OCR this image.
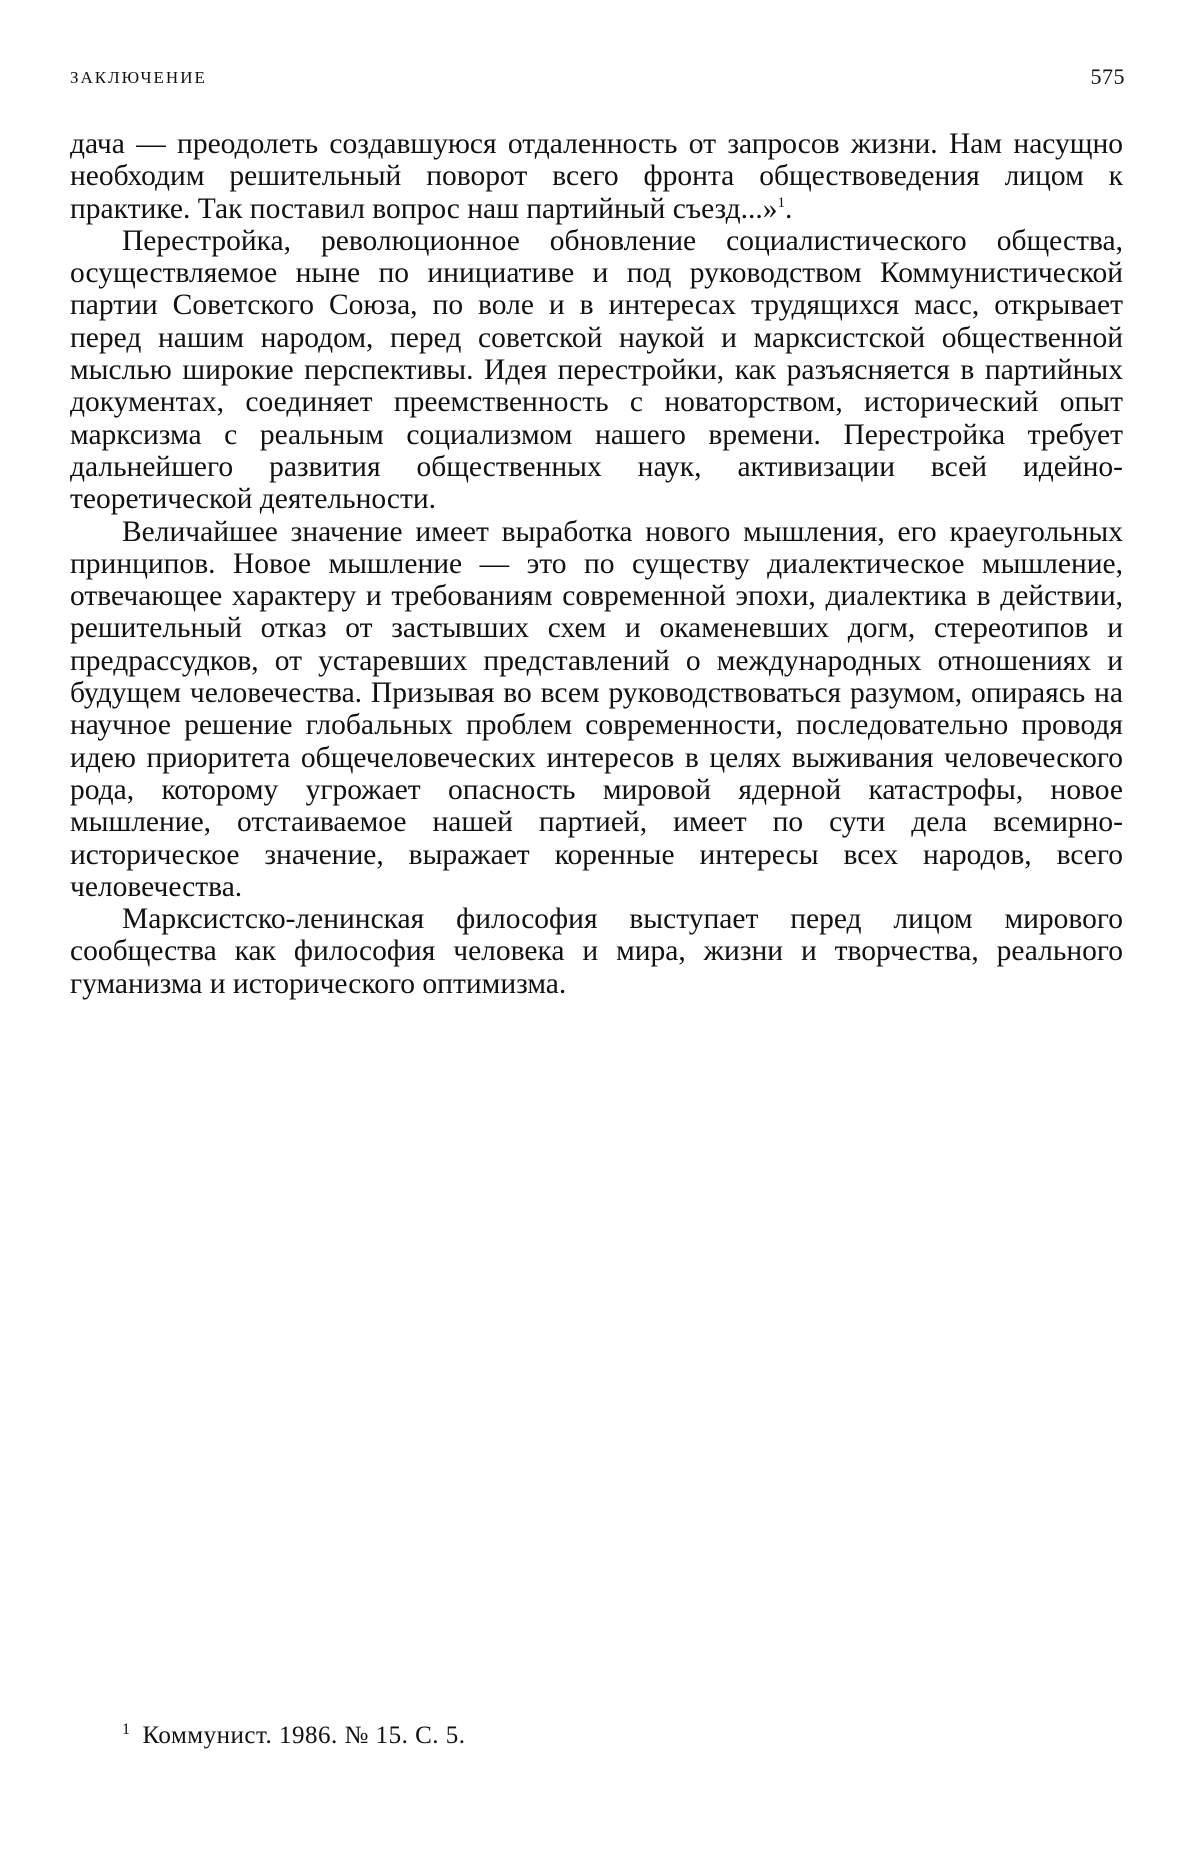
ЗАКЛЮЧЕНИЕ	575

дача — преодолеть создавшуюся отдаленность от запросов жизни. Нам насущно необходим решительный поворот всего фронта обществоведения лицом к практике. Так поставил вопрос наш партийный съезд...»$^1$.

Перестройка, революционное обновление социалистического общества, осуществляемое ныне по инициативе и под руководством Коммунистической партии Советского Союза, по воле и в интересах трудящихся масс, открывает перед нашим народом, перед советской наукой и марксистской общественной мыслью широкие перспективы. Идея перестройки, как разъясняется в партийных документах, соединяет преемственность с новаторством, исторический опыт марксизма с реальным социализмом нашего времени. Перестройка требует дальнейшего развития общественных наук, активизации всей идейно-теоретической деятельности.

Величайшее значение имеет выработка нового мышления, его краеугольных принципов. Новое мышление — это по существу диалектическое мышление, отвечающее характеру и требованиям современной эпохи, диалектика в действии, решительный отказ от застывших схем и окаменевших догм, стереотипов и предрассудков, от устаревших представлений о международных отношениях и будущем человечества. Призывая во всем руководствоваться разумом, опираясь на научное решение глобальных проблем современности, последовательно проводя идею приоритета общечеловеческих интересов в целях выживания человеческого рода, которому угрожает опасность мировой ядерной катастрофы, новое мышление, отстаиваемое нашей партией, имеет по сути дела всемирно-историческое значение, выражает коренные интересы всех народов, всего человечества.

Марксистско-ленинская философия выступает перед лицом мирового сообщества как философия человека и мира, жизни и творчества, реального гуманизма и исторического оптимизма.

$^1$ Коммунист. 1986. № 15. С. 5.
